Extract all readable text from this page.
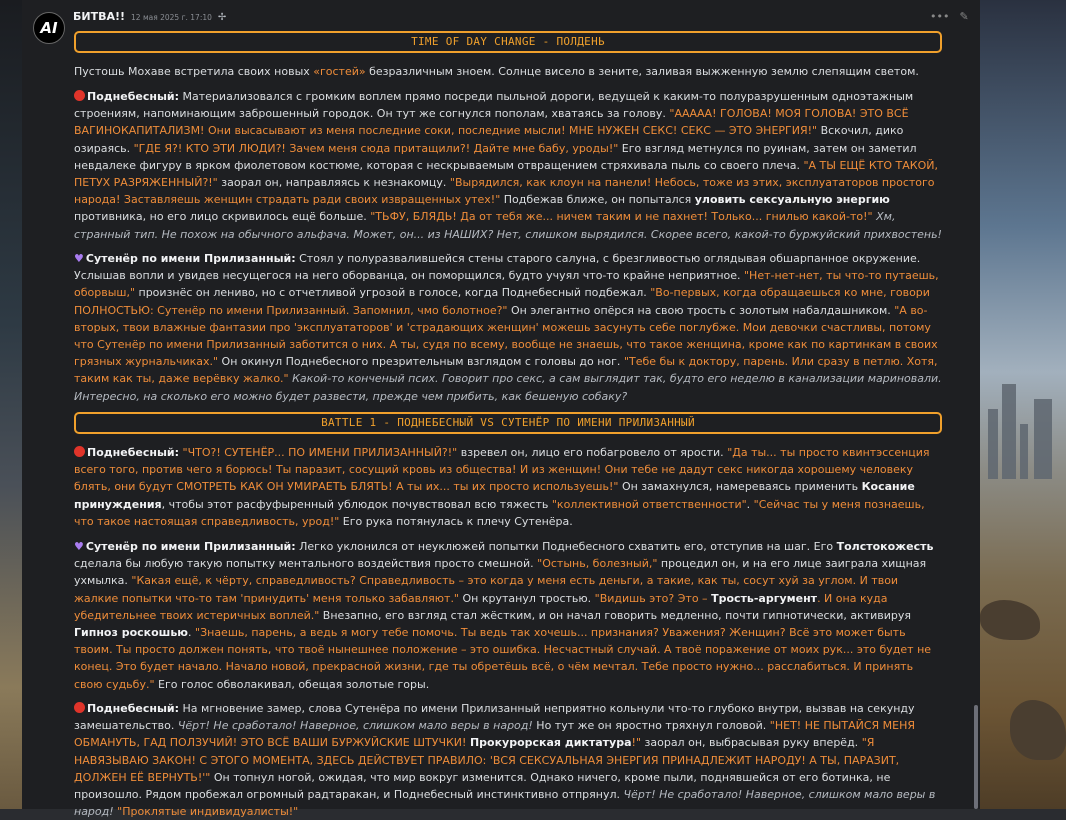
AI
БИТВА!! 12 мая 2025 г. 17:10 ✢	••• ✎
TIME OF DAY CHANGE - ПОЛДЕНЬ

Пустошь Мохаве встретила своих новых «гостей» безразличным зноем. Солнце висело в зените, заливая выжженную землю слепящим светом.

Поднебесный: Материализовался с громким воплем прямо посреди пыльной дороги, ведущей к каким-то полуразрушенным одноэтажным строениям, напоминающим заброшенный городок. Он тут же согнулся пополам, хватаясь за голову. "ААААА! ГОЛОВА! МОЯ ГОЛОВА! ЭТО ВСЁ ВАГИНОКАПИТАЛИЗМ! Они высасывают из меня последние соки, последние мысли! МНЕ НУЖЕН СЕКС! СЕКС — ЭТО ЭНЕРГИЯ!" Вскочил, дико озираясь. "ГДЕ Я?! КТО ЭТИ ЛЮДИ?! Зачем меня сюда притащили?! Дайте мне бабу, уроды!" Его взгляд метнулся по руинам, затем он заметил невдалеке фигуру в ярком фиолетовом костюме, которая с нескрываемым отвращением стряхивала пыль со своего плеча. "А ТЫ ЕЩЁ КТО ТАКОЙ, ПЕТУХ РАЗРЯЖЕННЫЙ?!" заорал он, направляясь к незнакомцу. "Вырядился, как клоун на панели! Небось, тоже из этих, эксплуататоров простого народа! Заставляешь женщин страдать ради своих извращенных утех!" Подбежав ближе, он попытался уловить сексуальную энергию противника, но его лицо скривилось ещё больше. "ТЬФУ, БЛЯДЬ! Да от тебя же... ничем таким и не пахнет! Только... гнилью какой-то!" Хм, странный тип. Не похож на обычного альфача. Может, он... из НАШИХ? Нет, слишком вырядился. Скорее всего, какой-то буржуйский прихвостень!

♥ Сутенёр по имени Прилизанный: Стоял у полуразвалившейся стены старого салуна, с брезгливостью оглядывая обшарпанное окружение. Услышав вопли и увидев несущегося на него оборванца, он поморщился, будто учуял что-то крайне неприятное. "Нет-нет-нет, ты что-то путаешь, оборвыш," произнёс он лениво, но с отчетливой угрозой в голосе, когда Поднебесный подбежал. "Во-первых, когда обращаешься ко мне, говори ПОЛНОСТЬЮ: Сутенёр по имени Прилизанный. Запомнил, чмо болотное?" Он элегантно опёрся на свою трость с золотым набалдашником. "А во-вторых, твои влажные фантазии про 'эксплуататоров' и 'страдающих женщин' можешь засунуть себе поглубже. Мои девочки счастливы, потому что Сутенёр по имени Прилизанный заботится о них. А ты, судя по всему, вообще не знаешь, что такое женщина, кроме как по картинкам в своих грязных журнальчиках." Он окинул Поднебесного презрительным взглядом с головы до ног. "Тебе бы к доктору, парень. Или сразу в петлю. Хотя, таким как ты, даже верёвку жалко." Какой-то конченый псих. Говорит про секс, а сам выглядит так, будто его неделю в канализации мариновали. Интересно, на сколько его можно будет развести, прежде чем прибить, как бешеную собаку?

BATTLE 1 - ПОДНЕБЕСНЫЙ VS СУТЕНЁР ПО ИМЕНИ ПРИЛИЗАННЫЙ

Поднебесный: "ЧТО?! СУТЕНЁР... ПО ИМЕНИ ПРИЛИЗАННЫЙ?!" взревел он, лицо его побагровело от ярости. "Да ты... ты просто квинтэссенция всего того, против чего я борюсь! Ты паразит, сосущий кровь из общества! И из женщин! Они тебе не дадут секс никогда хорошему человеку блять, они будут СМОТРЕТЬ КАК ОН УМИРАЕТЬ БЛЯТЬ! А ты их... ты их просто используешь!" Он замахнулся, намереваясь применить Косание принуждения, чтобы этот расфуфыренный ублюдок почувствовал всю тяжесть "коллективной ответственности". "Сейчас ты у меня познаешь, что такое настоящая справедливость, урод!" Его рука потянулась к плечу Сутенёра.

♥ Сутенёр по имени Прилизанный: Легко уклонился от неуклюжей попытки Поднебесного схватить его, отступив на шаг. Его Толстокожесть сделала бы любую такую попытку ментального воздействия просто смешной. "Остынь, болезный," процедил он, и на его лице заиграла хищная ухмылка. "Какая ещё, к чёрту, справедливость? Справедливость – это когда у меня есть деньги, а такие, как ты, сосут хуй за углом. И твои жалкие попытки что-то там 'принудить' меня только забавляют." Он крутанул тростью. "Видишь это? Это – Трость-аргумент. И она куда убедительнее твоих истеричных воплей." Внезапно, его взгляд стал жёстким, и он начал говорить медленно, почти гипнотически, активируя Гипноз роскошью. "Знаешь, парень, а ведь я могу тебе помочь. Ты ведь так хочешь... признания? Уважения? Женщин? Всё это может быть твоим. Ты просто должен понять, что твоё нынешнее положение – это ошибка. Несчастный случай. А твоё поражение от моих рук... это будет не конец. Это будет начало. Начало новой, прекрасной жизни, где ты обретёшь всё, о чём мечтал. Тебе просто нужно... расслабиться. И принять свою судьбу." Его голос обволакивал, обещая золотые горы.

Поднебесный: На мгновение замер, слова Сутенёра по имени Прилизанный неприятно кольнули что-то глубоко внутри, вызвав на секунду замешательство. Чёрт! Не сработало! Наверное, слишком мало веры в народ! Но тут же он яростно тряхнул головой. "НЕТ! НЕ ПЫТАЙСЯ МЕНЯ ОБМАНУТЬ, ГАД ПОЛЗУЧИЙ! ЭТО ВСЁ ВАШИ БУРЖУЙСКИЕ ШТУЧКИ! Прокурорская диктатура!" заорал он, выбрасывая руку вперёд. "Я НАВЯЗЫВАЮ ЗАКОН! С ЭТОГО МОМЕНТА, ЗДЕСЬ ДЕЙСТВУЕТ ПРАВИЛО: 'ВСЯ СЕКСУАЛЬНАЯ ЭНЕРГИЯ ПРИНАДЛЕЖИТ НАРОДУ! А ТЫ, ПАРАЗИТ, ДОЛЖЕН ЕЁ ВЕРНУТЬ!'" Он топнул ногой, ожидая, что мир вокруг изменится. Однако ничего, кроме пыли, поднявшейся от его ботинка, не произошло. Рядом пробежал огромный радтаракан, и Поднебесный инстинктивно отпрянул. Чёрт! Не сработало! Наверное, слишком мало веры в народ! "Проклятые индивидуалисты!"
